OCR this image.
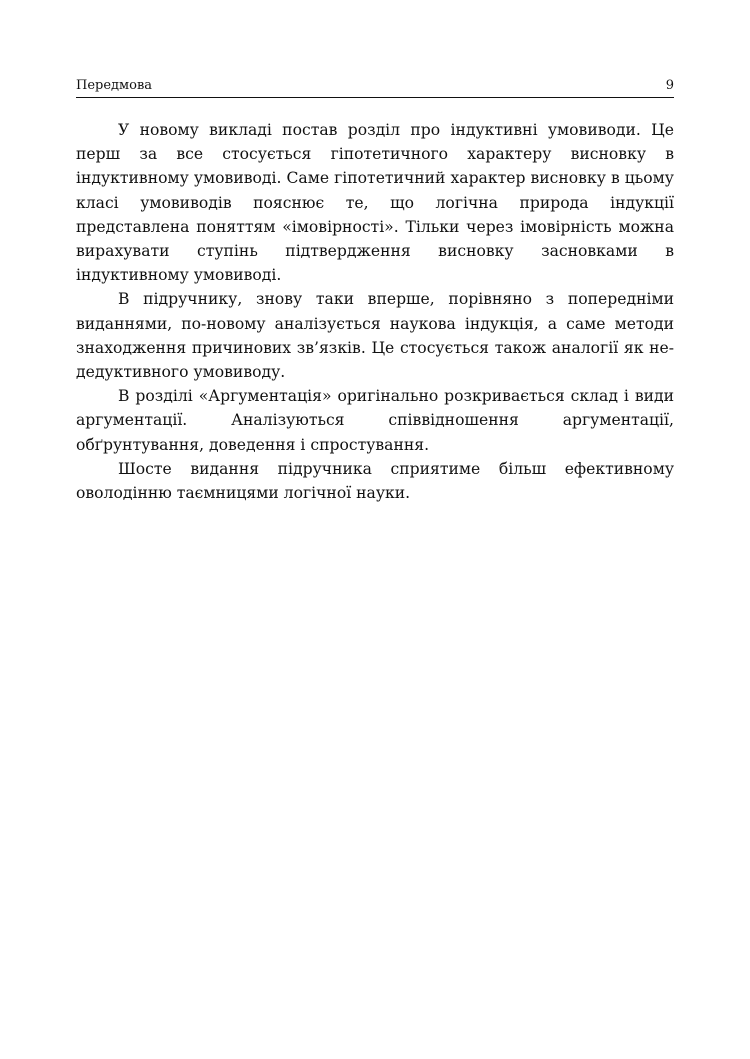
Передмова	9

У новому викладі постав розділ про індуктивні умовиводи. Це перш за все стосується гіпотетичного характеру висновку в індуктивному умовиводі. Саме гіпотетичний характер висновку в цьому класі умовиводів пояснює те, що логічна природа індукції представлена поняттям «імовірності». Тільки через імовірність можна вирахувати ступінь підтвердження висновку засновками в індуктивному умовиводі.

В підручнику, знову таки вперше, порівняно з попередніми виданнями, по-новому аналізується наукова індукція, а саме методи знаходження причинових зв’язків. Це стосується також аналогії як не-дедуктивного умовиводу.

В розділі «Аргументація» оригінально розкривається склад і види аргументації. Аналізуються співвідношення аргументації, обґрунтування, доведення і спростування.

Шосте видання підручника сприятиме більш ефективному оволодінню таємницями логічної науки.
